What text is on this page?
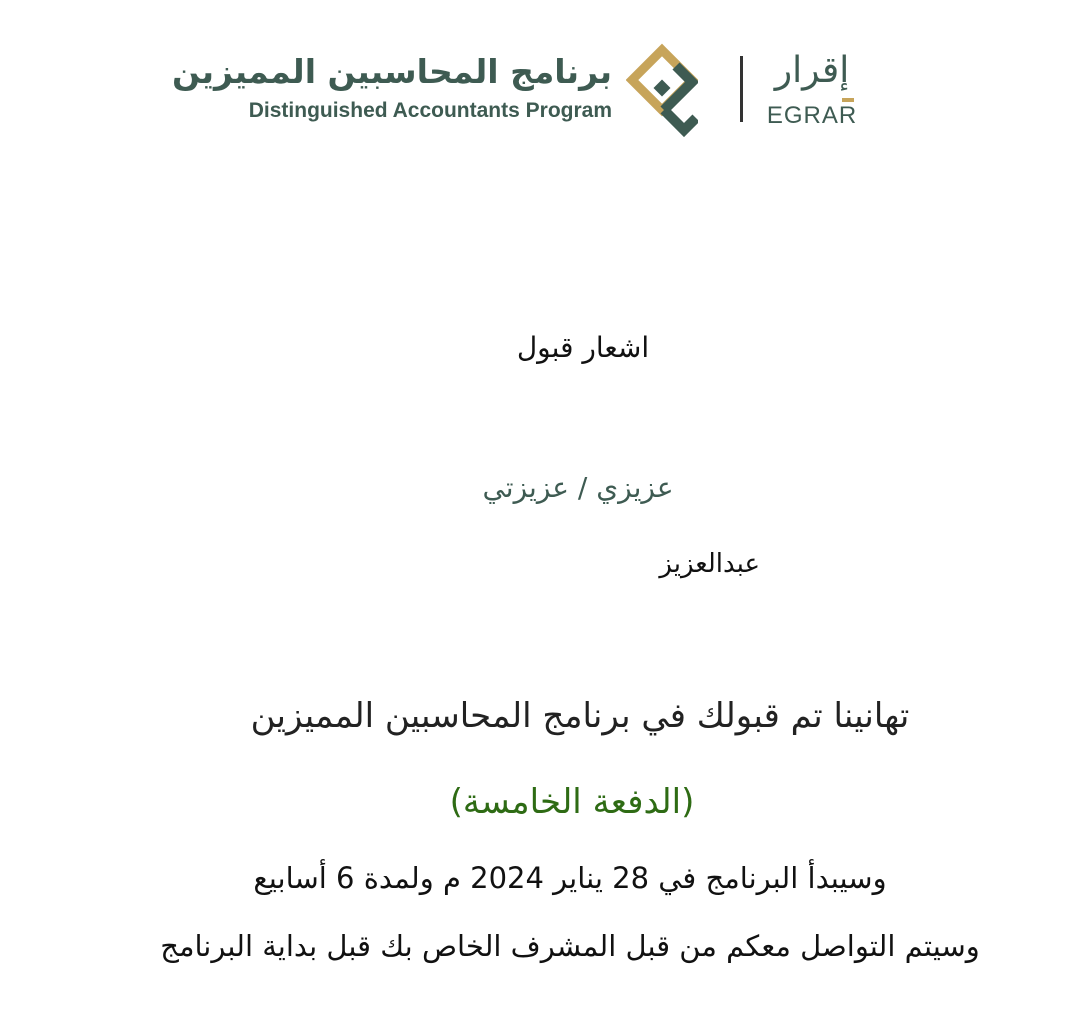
برنامج المحاسبين المميزين
Distinguished Accountants Program
إقرار
EGRAR
اشعار قبول
عزيزي / عزيزتي
عبدالعزيز
تهانينا تم قبولك في برنامج المحاسبين المميزين
(الدفعة الخامسة)
وسيبدأ البرنامج في 28 يناير 2024 م ولمدة 6 أسابيع
وسيتم التواصل معكم من قبل المشرف الخاص بك قبل بداية البرنامج
